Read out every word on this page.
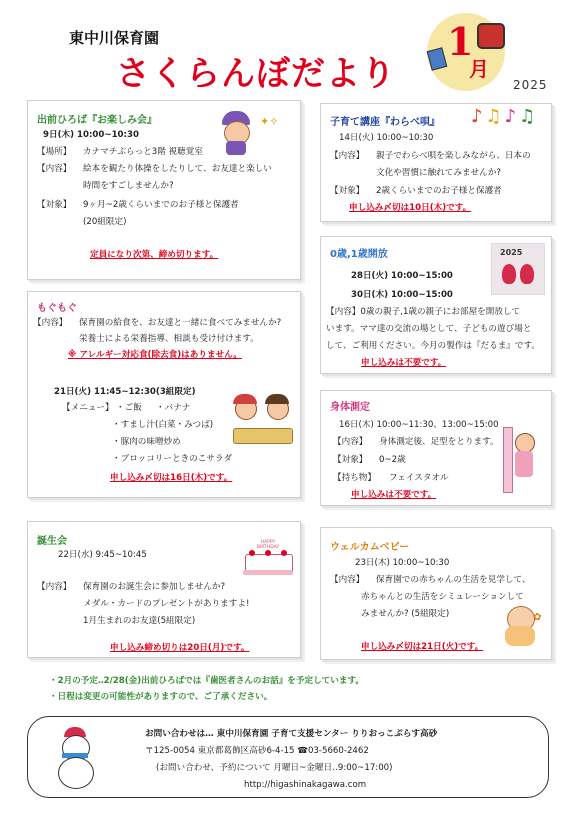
東中川保育園
さくらんぼだより
1
月
2025
出前ひろば『お楽しみ会』
9日(木) 10:00~10:30
【場所】 カナマチぷらっと3階 視聴覚室
【内容】 絵本を観たり体操をしたりして、お友達と楽しい
時間をすごしませんか?
【対象】 9ヶ月~2歳くらいまでのお子様と保護者
(20組限定)
定員になり次第、締め切ります。
✦✧	子育て講座『わらべ唄』
14日(火) 10:00~10:30
【内容】 親子でわらべ唄を楽しみながら、日本の
文化や習慣に触れてみませんか?
【対象】 2歳くらいまでのお子様と保護者
申し込み〆切は10日(木)です。
♪♫♪♫
0歳,1歳開放
28日(火) 10:00~15:00
30日(木) 10:00~15:00
【内容】0歳の親子,1歳の親子にお部屋を開放して
います。ママ達の交流の場として、子どもの遊び場と
して、ご利用ください。今月の製作は『だるま』です。
申し込みは不要です。
2025
もぐもぐ
【内容】 保育園の給食を、お友達と一緒に食べてみませんか?
栄養士による栄養指導、相談も受け付けます。
※ アレルギー対応食(除去食)はありません。
21日(火) 11:45~12:30(3組限定)
【メニュー】 ・ご飯 ・バナナ
・すまし汁(白菜・みつば)
・豚肉の味噌炒め
・ブロッコリーときのこサラダ
申し込み〆切は16日(木)です。
身体測定
16日(木) 10:00~11:30、13:00~15:00
【内容】 身体測定後、足型をとります。
【対象】 0~2歳
【持ち物】 フェイスタオル
申し込みは不要です。
誕生会
22日(水) 9:45~10:45
【内容】 保育園のお誕生会に参加しませんか?
メダル・カードのプレゼントがありますよ!
1月生まれのお友達(5組限定)
申し込み締め切りは20日(月)です。
HAPPY BIRTHDAY	ウェルカムベビー
23日(木) 10:00~10:30
【内容】 保育園での赤ちゃんの生活を見学して、
赤ちゃんとの生活をシミュレーションして
みませんか? (5組限定)
申し込み〆切は21日(火)です。
✿
・2月の予定‥2/28(金)出前ひろばでは『歯医者さんのお話』を予定しています。
・日程は変更の可能性がありますので、ご了承ください。
お問い合わせは… 東中川保育園 子育て支援センター りりおっこぷらす高砂
〒125-0054 東京都葛飾区高砂6-4-15 ☎03-5660-2462
(お問い合わせ、予約について 月曜日~金曜日‥9:00~17:00)
http://higashinakagawa.com
